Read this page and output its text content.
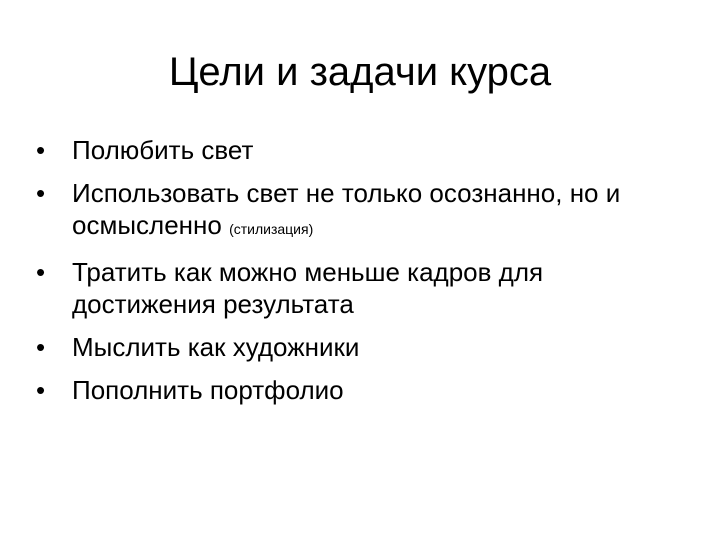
Цели и задачи курса
•	Полюбить свет
•	Использовать свет не только осознанно, но и осмысленно (стилизация)
•	Тратить как можно меньше кадров для достижения результата
•	Мыслить как художники
•	Пополнить портфолио
